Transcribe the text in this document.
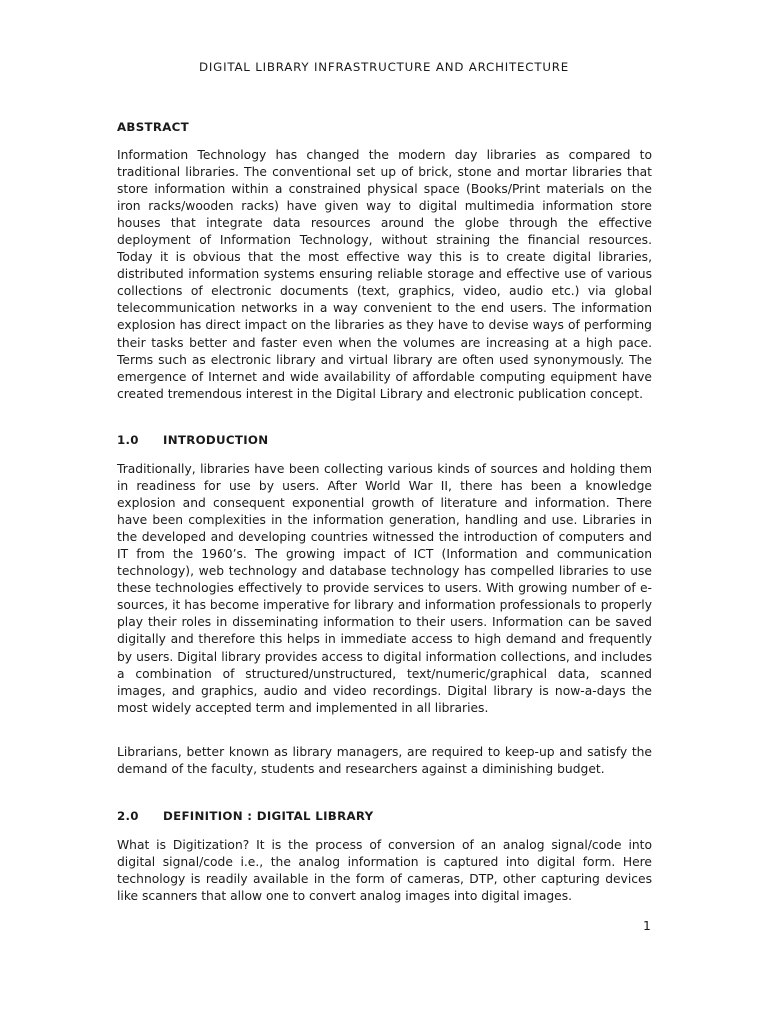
DIGITAL LIBRARY INFRASTRUCTURE AND ARCHITECTURE
ABSTRACT

Information Technology has changed the modern day libraries as compared to traditional libraries. The conventional set up of brick, stone and mortar libraries that store information within a constrained physical space (Books/Print materials on the iron racks/wooden racks) have given way to digital multimedia information store houses that integrate data resources around the globe through the effective deployment of Information Technology, without straining the financial resources. Today it is obvious that the most effective way this is to create digital libraries, distributed information systems ensuring reliable storage and effective use of various collections of electronic documents (text, graphics, video, audio etc.) via global telecommunication networks in a way convenient to the end users. The information explosion has direct impact on the libraries as they have to devise ways of performing their tasks better and faster even when the volumes are increasing at a high pace. Terms such as electronic library and virtual library are often used synonymously. The emergence of Internet and wide availability of affordable computing equipment have created tremendous interest in the Digital Library and electronic publication concept.

1.0 INTRODUCTION

Traditionally, libraries have been collecting various kinds of sources and holding them in readiness for use by users. After World War II, there has been a knowledge explosion and consequent exponential growth of literature and information. There have been complexities in the information generation, handling and use. Libraries in the developed and developing countries witnessed the introduction of computers and IT from the 1960’s. The growing impact of ICT (Information and communication technology), web technology and database technology has compelled libraries to use these technologies effectively to provide services to users. With growing number of e-sources, it has become imperative for library and information professionals to properly play their roles in disseminating information to their users. Information can be saved digitally and therefore this helps in immediate access to high demand and frequently by users. Digital library provides access to digital information collections, and includes a combination of structured/unstructured, text/numeric/graphical data, scanned images, and graphics, audio and video recordings. Digital library is now-a-days the most widely accepted term and implemented in all libraries.

Librarians, better known as library managers, are required to keep-up and satisfy the demand of the faculty, students and researchers against a diminishing budget.

2.0 DEFINITION : DIGITAL LIBRARY

What is Digitization? It is the process of conversion of an analog signal/code into digital signal/code i.e., the analog information is captured into digital form. Here technology is readily available in the form of cameras, DTP, other capturing devices like scanners that allow one to convert analog images into digital images.

1
